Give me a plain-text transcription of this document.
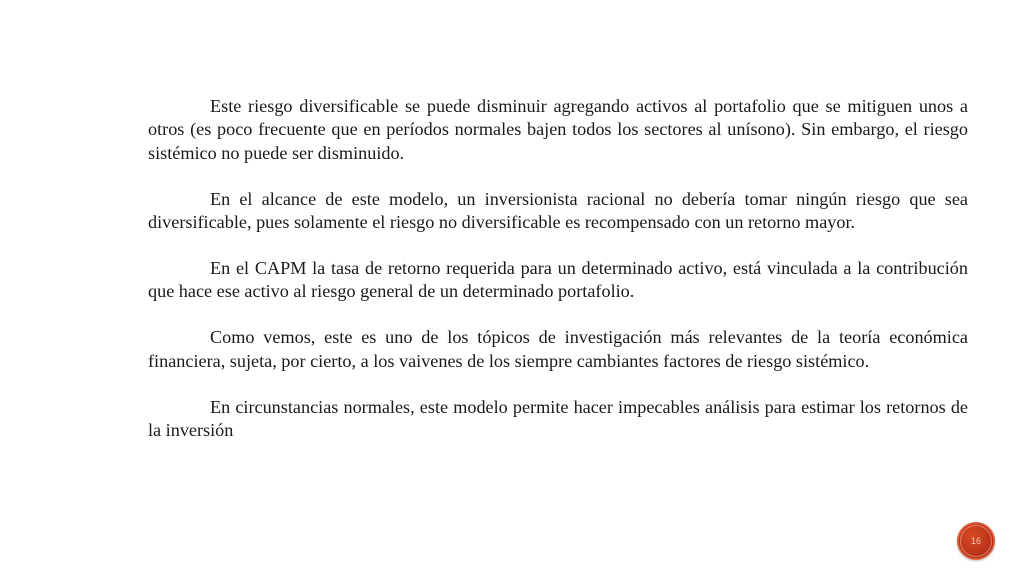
Este riesgo diversificable se puede disminuir agregando activos al portafolio que se mitiguen unos a otros (es poco frecuente que en períodos normales bajen todos los sectores al unísono). Sin embargo, el riesgo sistémico no puede ser disminuido.

En el alcance de este modelo, un inversionista racional no debería tomar ningún riesgo que sea diversificable, pues solamente el riesgo no diversificable es recompensado con un retorno mayor.

En el CAPM la tasa de retorno requerida para un determinado activo, está vinculada a la contribución que hace ese activo al riesgo general de un determinado portafolio.

Como vemos, este es uno de los tópicos de investigación más relevantes de la teoría económica financiera, sujeta, por cierto, a los vaivenes de los siempre cambiantes factores de riesgo sistémico.

En circunstancias normales, este modelo permite hacer impecables análisis para estimar los retornos de la inversión

16
